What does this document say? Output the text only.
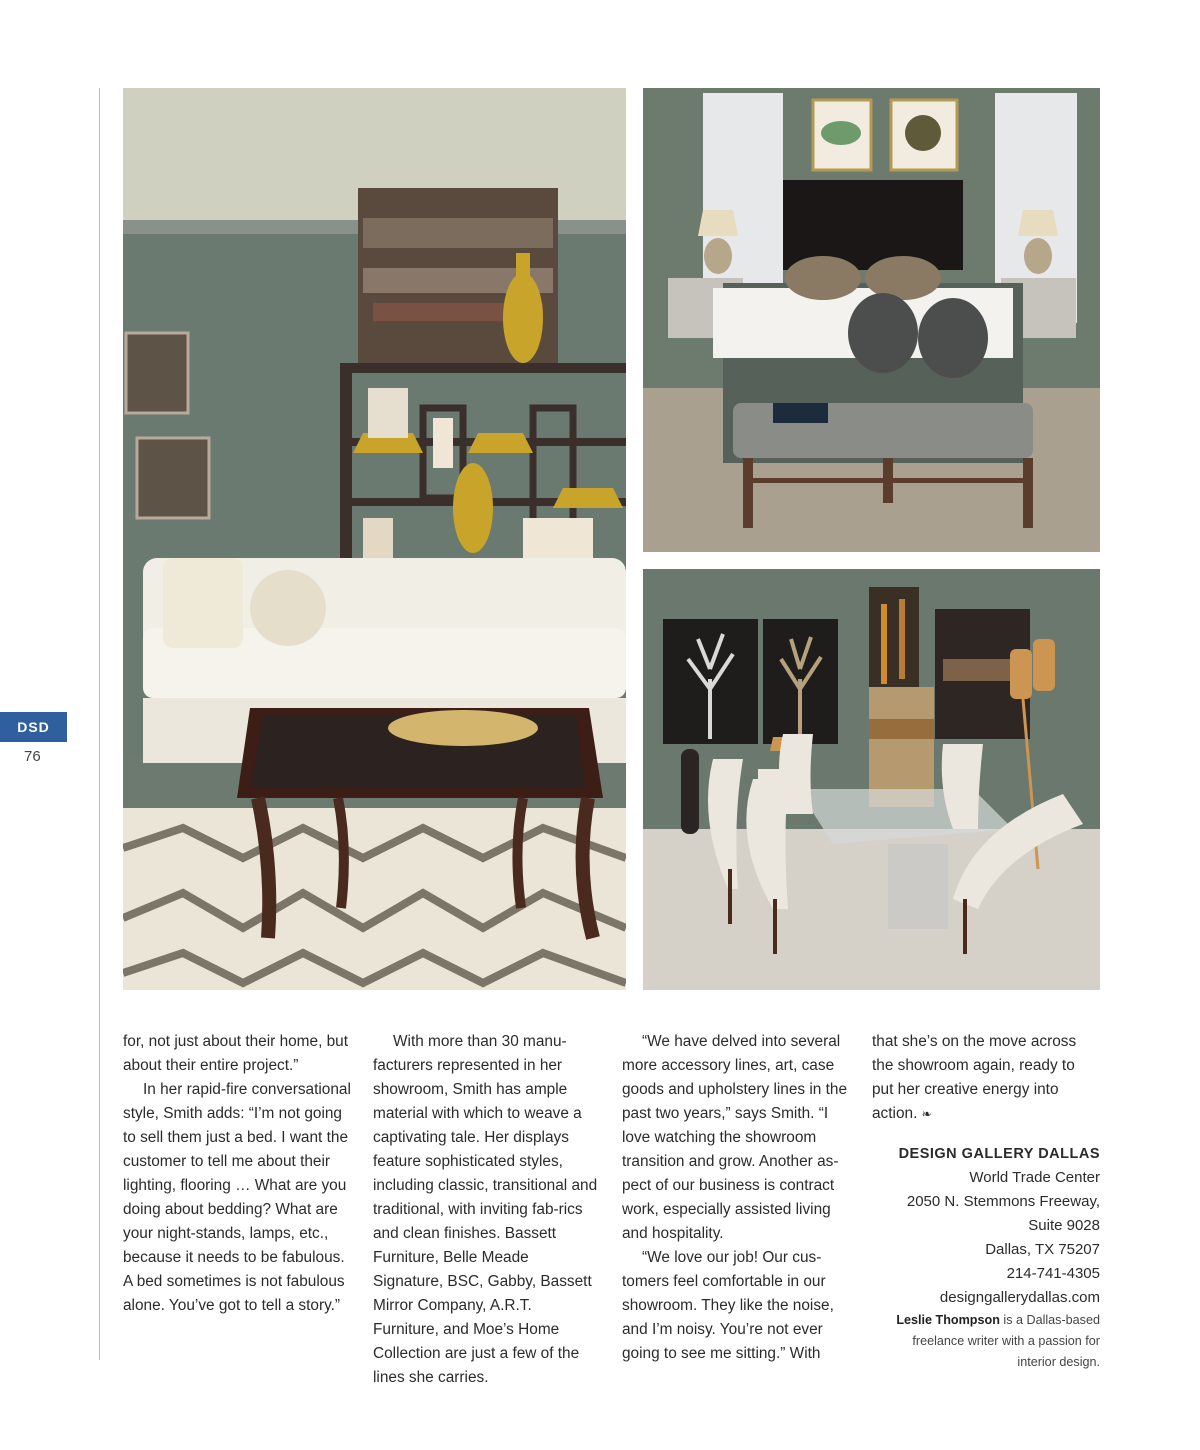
DSD
76

for, not just about their home, but about their entire project.”

In her rapid-fire conversational style, Smith adds: “I’m not going to sell them just a bed. I want the customer to tell me about their lighting, flooring … What are you doing about bedding? What are your night-stands, lamps, etc., because it needs to be fabulous. A bed sometimes is not fabulous alone. You’ve got to tell a story.”

With more than 30 manu-facturers represented in her showroom, Smith has ample material with which to weave a captivating tale. Her displays feature sophisticated styles, including classic, transitional and traditional, with inviting fab-rics and clean finishes. Bassett Furniture, Belle Meade Signature, BSC, Gabby, Bassett Mirror Company, A.R.T. Furniture, and Moe’s Home Collection are just a few of the lines she carries.

“We have delved into several more accessory lines, art, case goods and upholstery lines in the past two years,” says Smith. “I love watching the showroom transition and grow. Another as-pect of our business is contract work, especially assisted living and hospitality.

“We love our job! Our cus-tomers feel comfortable in our showroom. They like the noise, and I’m noisy. You’re not ever going to see me sitting.” With

that she’s on the move across the showroom again, ready to put her creative energy into action. ❧

DESIGN GALLERY DALLAS
World Trade Center
2050 N. Stemmons Freeway,
Suite 9028
Dallas, TX 75207
214-741-4305
designgallerydallas.com
Leslie Thompson is a Dallas-based freelance writer with a passion for interior design.
